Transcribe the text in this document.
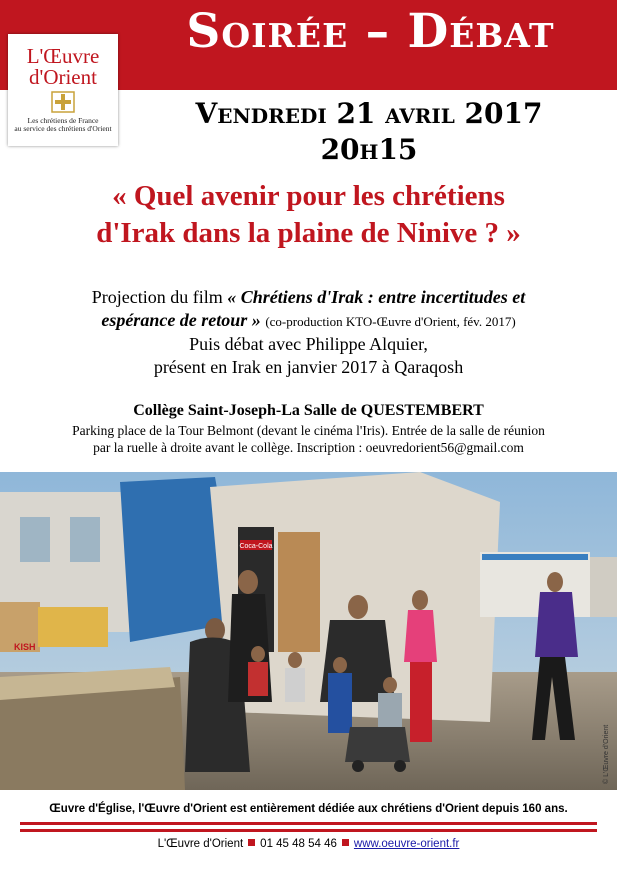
Soirée – Débat
L'Œuvre
d'Orient
Les chrétiens de France
au service des chrétiens d'Orient	Vendredi 21 avril 2017
20h15
« Quel avenir pour les chrétiens
d'Irak dans la plaine de Ninive ? »
Projection du film « Chrétiens d'Irak : entre incertitudes et
espérance de retour » (co-production KTO-Œuvre d'Orient, fév. 2017)
Puis débat avec Philippe Alquier,
présent en Irak en janvier 2017 à Qaraqosh
Collège Saint-Joseph-La Salle de QUESTEMBERT
Parking place de la Tour Belmont (devant le cinéma l'Iris). Entrée de la salle de réunion
par la ruelle à droite avant le collège. Inscription : oeuvredorient56@gmail.com
Coca-Cola
KISH
© L'Œuvre d'Orient
Œuvre d'Église, l'Œuvre d'Orient est entièrement dédiée aux chrétiens d'Orient depuis 160 ans.
L'Œuvre d'Orient 01 45 48 54 46 www.oeuvre-orient.fr
